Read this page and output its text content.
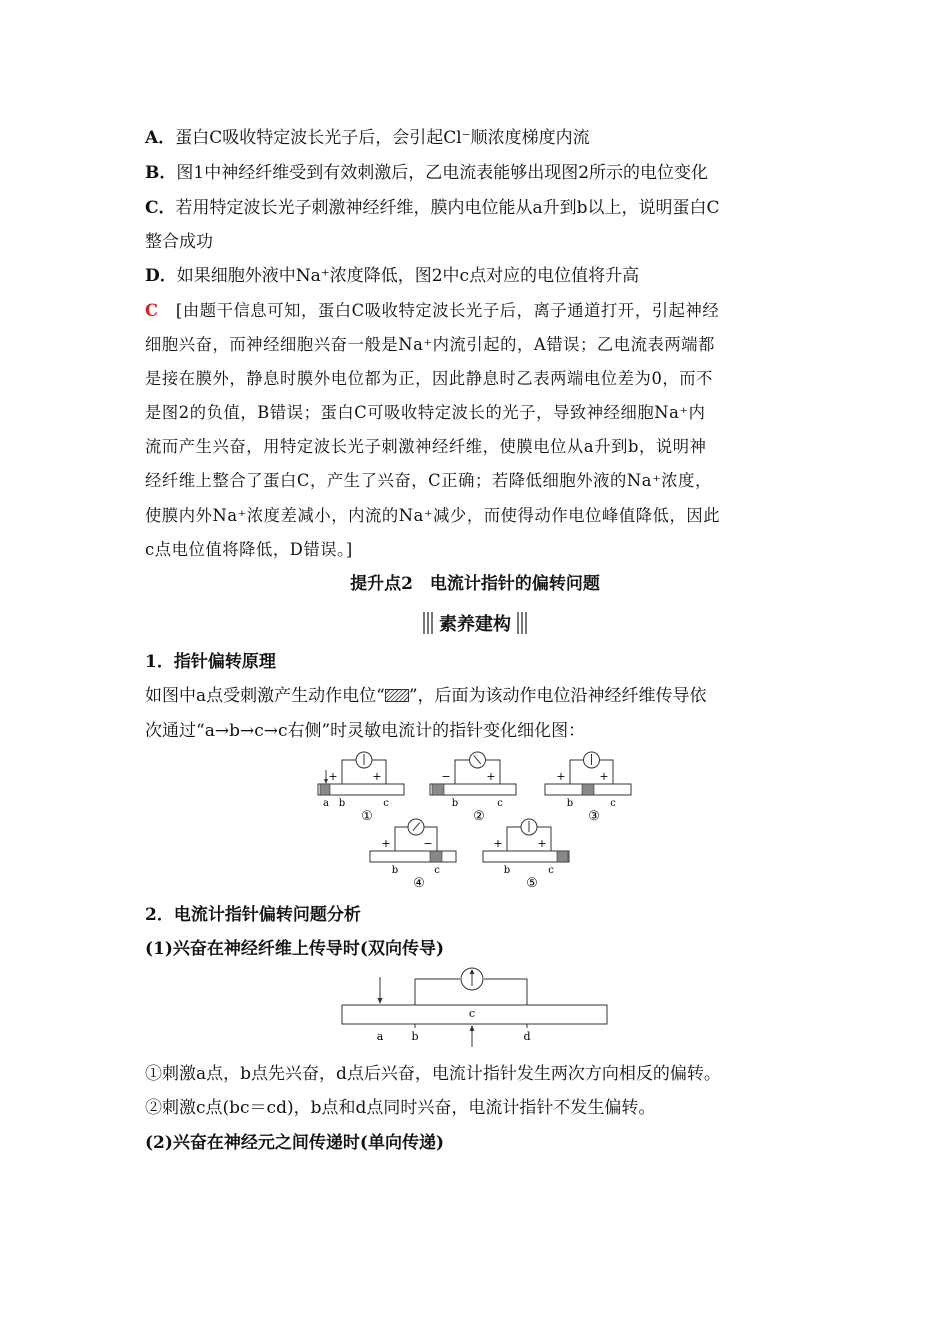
A．蛋白C吸收特定波长光子后，会引起Cl⁻顺浓度梯度内流
B．图1中神经纤维受到有效刺激后，乙电流表能够出现图2所示的电位变化
C．若用特定波长光子刺激神经纤维，膜内电位能从a升到b以上，说明蛋白C
整合成功
D．如果细胞外液中Na⁺浓度降低，图2中c点对应的电位值将升高
C [由题干信息可知，蛋白C吸收特定波长光子后，离子通道打开，引起神经
细胞兴奋，而神经细胞兴奋一般是Na⁺内流引起的，A错误；乙电流表两端都
是接在膜外，静息时膜外电位都为正，因此静息时乙表两端电位差为0，而不
是图2的负值，B错误；蛋白C可吸收特定波长的光子，导致神经细胞Na⁺内
流而产生兴奋，用特定波长光子刺激神经纤维，使膜电位从a升到b，说明神
经纤维上整合了蛋白C，产生了兴奋，C正确；若降低细胞外液的Na⁺浓度，
使膜内外Na⁺浓度差减小，内流的Na⁺减少，而使得动作电位峰值降低，因此
c点电位值将降低，D错误。]
提升点2　电流计指针的偏转问题
素养建构
1．指针偏转原理
如图中a点受刺激产生动作电位“ ”，后面为该动作电位沿神经纤维传导依
次通过“a→b→c→c右侧”时灵敏电流计的指针变化细化图：
+	+
a b	c
①
−	+
b	c
②
+	+
b	c
③
+	−
b	c
④
+	+
b	c
⑤
2．电流计指针偏转问题分析
(1)兴奋在神经纤维上传导时(双向传导)
a	b
c
d
①刺激a点，b点先兴奋，d点后兴奋，电流计指针发生两次方向相反的偏转。
②刺激c点(bc＝cd)，b点和d点同时兴奋，电流计指针不发生偏转。
(2)兴奋在神经元之间传递时(单向传递)
